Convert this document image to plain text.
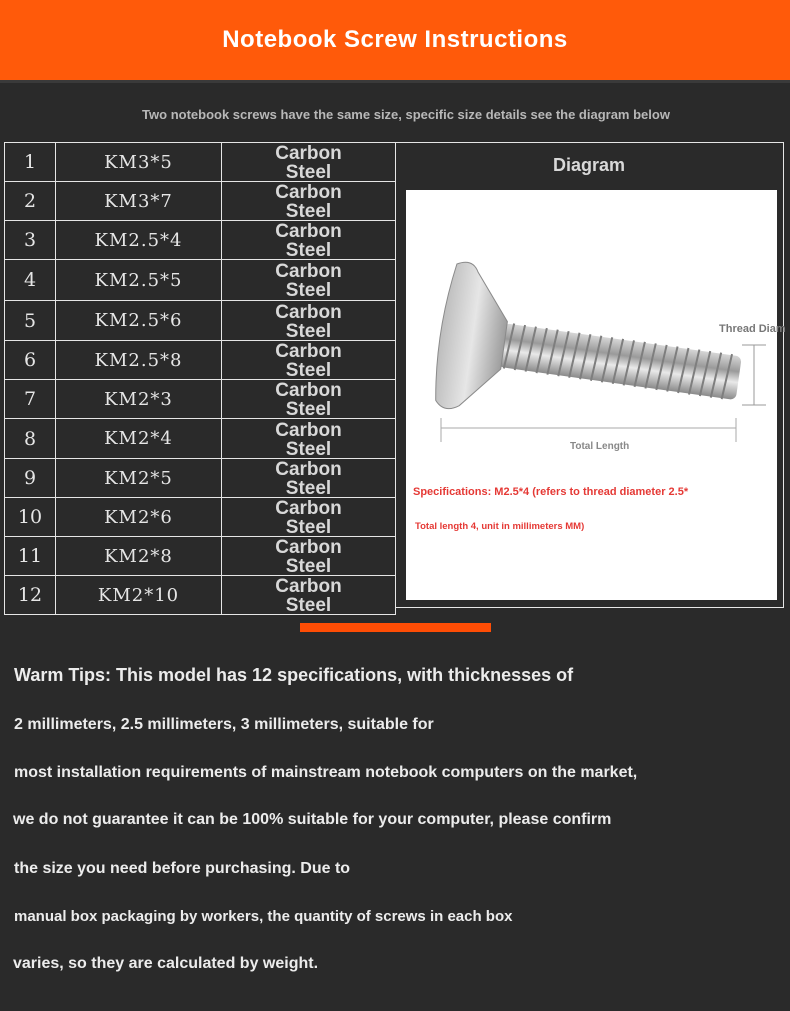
Notebook Screw Instructions
Two notebook screws have the same size, specific size details see the diagram below
1	KM3*5	Carbon
Steel

2	KM3*7	Carbon
Steel

3	KM2.5*4	Carbon
Steel

4	KM2.5*5	Carbon
Steel

5	KM2.5*6	Carbon
Steel

6	KM2.5*8	Carbon
Steel

7	KM2*3	Carbon
Steel

8	KM2*4	Carbon
Steel

9	KM2*5	Carbon
Steel

10	KM2*6	Carbon
Steel

11	KM2*8	Carbon
Steel

12	KM2*10	Carbon
Steel
Diagram
Thread Diam
Total Length
Specifications: M2.5*4 (refers to thread diameter 2.5*
Total length 4, unit in millimeters MM)
Warm Tips: This model has 12 specifications, with thicknesses of
2 millimeters, 2.5 millimeters, 3 millimeters, suitable for
most installation requirements of mainstream notebook computers on the market,
we do not guarantee it can be 100% suitable for your computer, please confirm
the size you need before purchasing. Due to
manual box packaging by workers, the quantity of screws in each box
varies, so they are calculated by weight.
